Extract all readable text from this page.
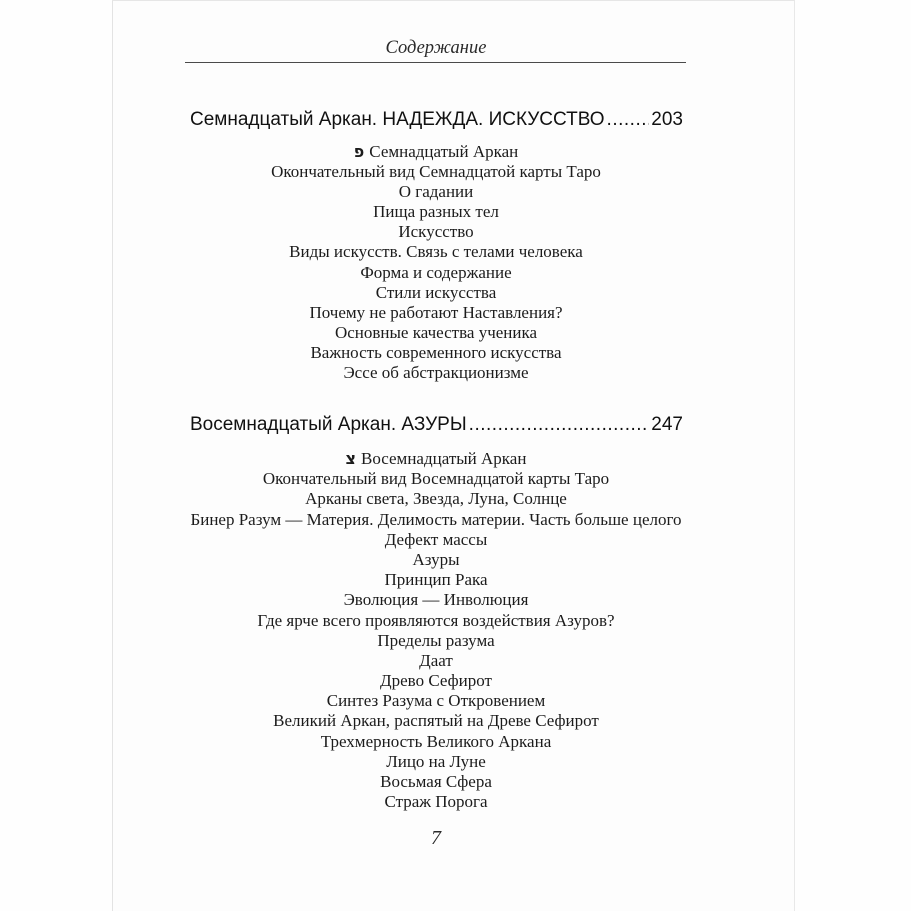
Содержание
Семнадцатый Аркан. НАДЕЖДА. ИСКУССТВО ..... 203
פ Семнадцатый Аркан
Окончательный вид Семнадцатой карты Таро
О гадании
Пища разных тел
Искусство
Виды искусств. Связь с телами человека
Форма и содержание
Стили искусства
Почему не работают Наставления?
Основные качества ученика
Важность современного искусства
Эссе об абстракционизме
Восемнадцатый Аркан. АЗУРЫ .....	247
צ Восемнадцатый Аркан
Окончательный вид Восемнадцатой карты Таро
Арканы света, Звезда, Луна, Солнце
Бинер Разум — Материя. Делимость материи. Часть больше целого
Дефект массы
Азуры
Принцип Рака
Эволюция — Инволюция
Где ярче всего проявляются воздействия Азуров?
Пределы разума
Даат
Древо Сефирот
Синтез Разума с Откровением
Великий Аркан, распятый на Древе Сефирот
Трехмерность Великого Аркана
Лицо на Луне
Восьмая Сфера
Страж Порога
7
